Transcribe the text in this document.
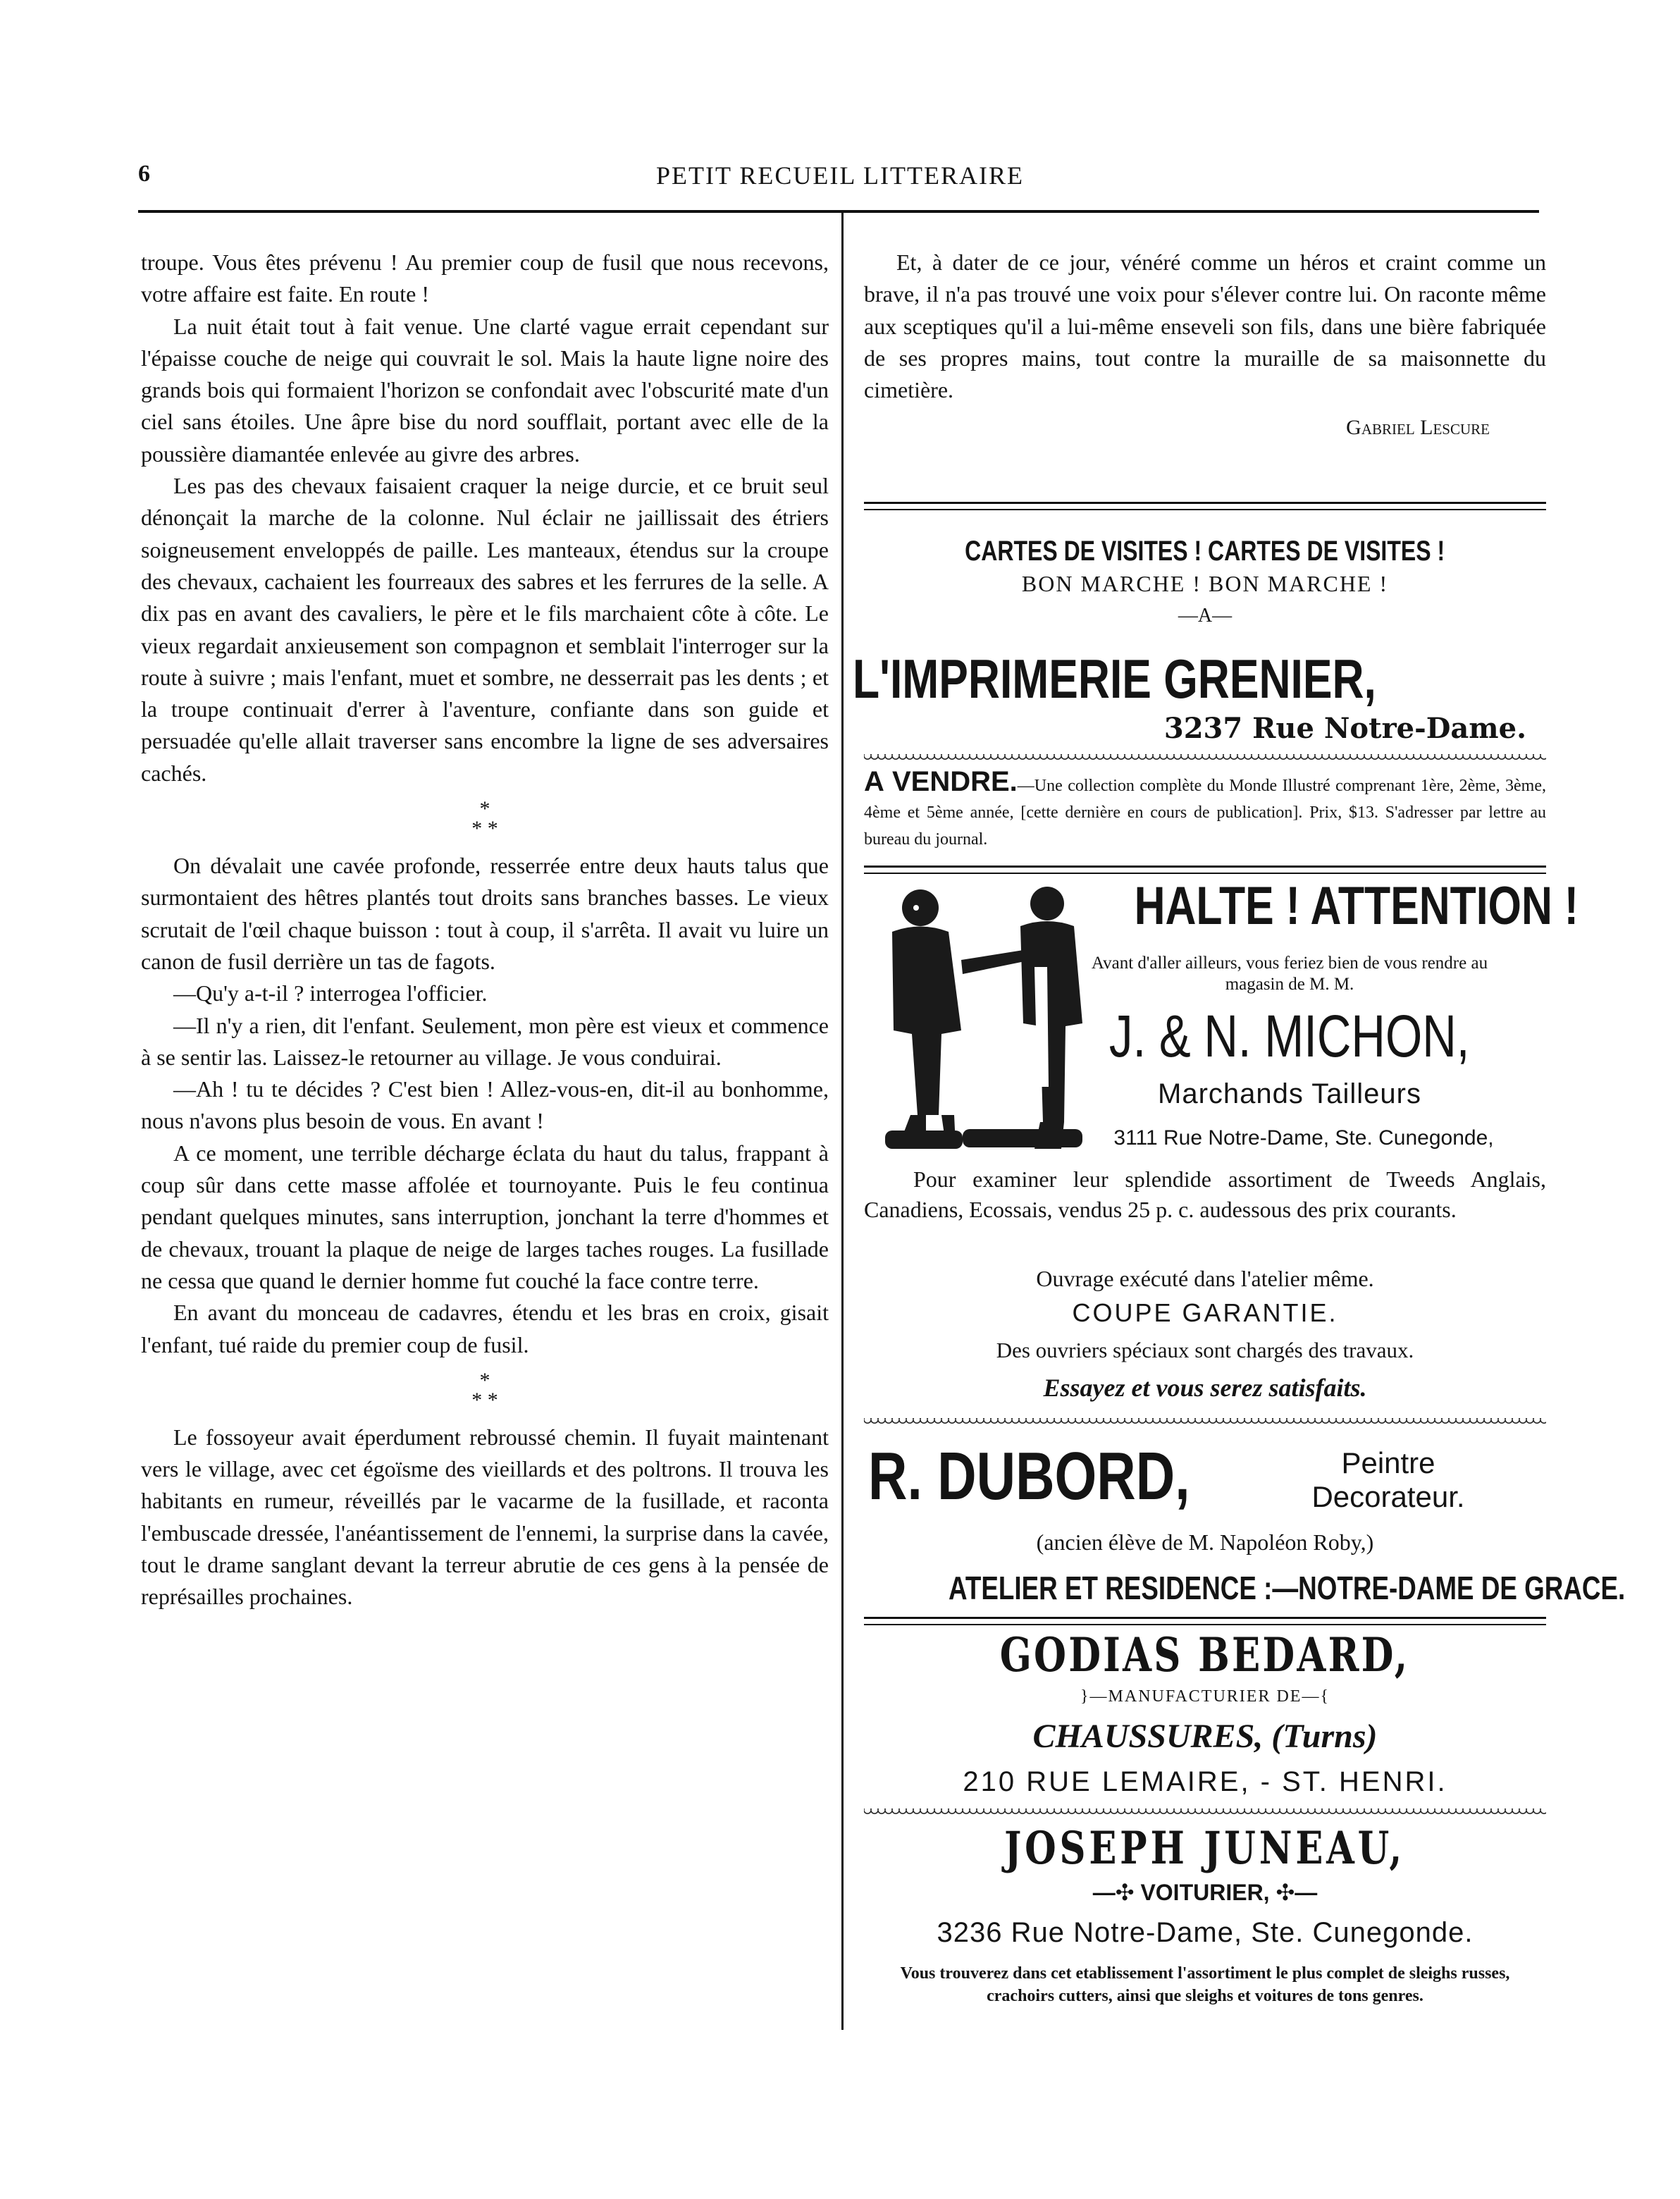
6	PETIT RECUEIL LITTERAIRE

troupe. Vous êtes prévenu ! Au premier coup de fusil que nous recevons, votre affaire est faite. En route !

La nuit était tout à fait venue. Une clarté vague errait cependant sur l'épaisse couche de neige qui couvrait le sol. Mais la haute ligne noire des grands bois qui formaient l'horizon se confondait avec l'obscurité mate d'un ciel sans étoiles. Une âpre bise du nord soufflait, portant avec elle de la poussière diamantée enlevée au givre des arbres.

Les pas des chevaux faisaient craquer la neige durcie, et ce bruit seul dénonçait la marche de la colonne. Nul éclair ne jaillissait des étriers soigneusement enveloppés de paille. Les manteaux, étendus sur la croupe des chevaux, cachaient les fourreaux des sabres et les ferrures de la selle. A dix pas en avant des cavaliers, le père et le fils marchaient côte à côte. Le vieux regardait anxieusement son compagnon et semblait l'interroger sur la route à suivre ; mais l'enfant, muet et sombre, ne desserrait pas les dents ; et la troupe continuait d'errer à l'aventure, confiante dans son guide et persuadée qu'elle allait traverser sans encombre la ligne de ses adversaires cachés.

*
* *

On dévalait une cavée profonde, resserrée entre deux hauts talus que surmontaient des hêtres plantés tout droits sans branches basses. Le vieux scrutait de l'œil chaque buisson : tout à coup, il s'arrêta. Il avait vu luire un canon de fusil derrière un tas de fagots.

—Qu'y a-t-il ? interrogea l'officier.

—Il n'y a rien, dit l'enfant. Seulement, mon père est vieux et commence à se sentir las. Laissez-le retourner au village. Je vous conduirai.

—Ah ! tu te décides ? C'est bien ! Allez-vous-en, dit-il au bonhomme, nous n'avons plus besoin de vous. En avant !

A ce moment, une terrible décharge éclata du haut du talus, frappant à coup sûr dans cette masse affolée et tournoyante. Puis le feu continua pendant quelques minutes, sans interruption, jonchant la terre d'hommes et de chevaux, trouant la plaque de neige de larges taches rouges. La fusillade ne cessa que quand le dernier homme fut couché la face contre terre.

En avant du monceau de cadavres, étendu et les bras en croix, gisait l'enfant, tué raide du premier coup de fusil.

*
* *

Le fossoyeur avait éperdument rebroussé chemin. Il fuyait maintenant vers le village, avec cet égoïsme des vieillards et des poltrons. Il trouva les habitants en rumeur, réveillés par le vacarme de la fusillade, et raconta l'embuscade dressée, l'anéantissement de l'ennemi, la surprise dans la cavée, tout le drame sanglant devant la terreur abrutie de ces gens à la pensée de représailles prochaines.

Et, à dater de ce jour, vénéré comme un héros et craint comme un brave, il n'a pas trouvé une voix pour s'élever contre lui. On raconte même aux sceptiques qu'il a lui-même enseveli son fils, dans une bière fabriquée de ses propres mains, tout contre la muraille de sa maisonnette du cimetière.

Gabriel Lescure
CARTES DE VISITES ! CARTES DE VISITES !
BON MARCHE ! BON MARCHE !
—A—
L'IMPRIMERIE GRENIER,
3237 Rue Notre-Dame.
A VENDRE.—Une collection complète du Monde Illustré comprenant 1ère, 2ème, 3ème, 4ème et 5ème année, [cette dernière en cours de publication]. Prix, $13. S'adresser par lettre au bureau du journal.
HALTE ! ATTENTION !
Avant d'aller ailleurs, vous feriez bien de vous rendre au magasin de M. M.
J. & N. MICHON,
Marchands Tailleurs
3111 Rue Notre-Dame, Ste. Cunegonde,
Pour examiner leur splendide assortiment de Tweeds Anglais, Canadiens, Ecossais, vendus 25 p. c. audessous des prix courants.
Ouvrage exécuté dans l'atelier même.
COUPE GARANTIE.
Des ouvriers spéciaux sont chargés des travaux.
Essayez et vous serez satisfaits.
R. DUBORD,	Peintre
Decorateur.
(ancien élève de M. Napoléon Roby,)
ATELIER ET RESIDENCE :—NOTRE-DAME DE GRACE.
GODIAS BEDARD,
}—MANUFACTURIER DE—{
CHAUSSURES, (Turns)
210 RUE LEMAIRE, - ST. HENRI.
JOSEPH JUNEAU,
—✣ VOITURIER, ✣—
3236 Rue Notre-Dame, Ste. Cunegonde.
Vous trouverez dans cet etablissement l'assortiment le plus complet de sleighs russes, crachoirs cutters, ainsi que sleighs et voitures de tons genres.
